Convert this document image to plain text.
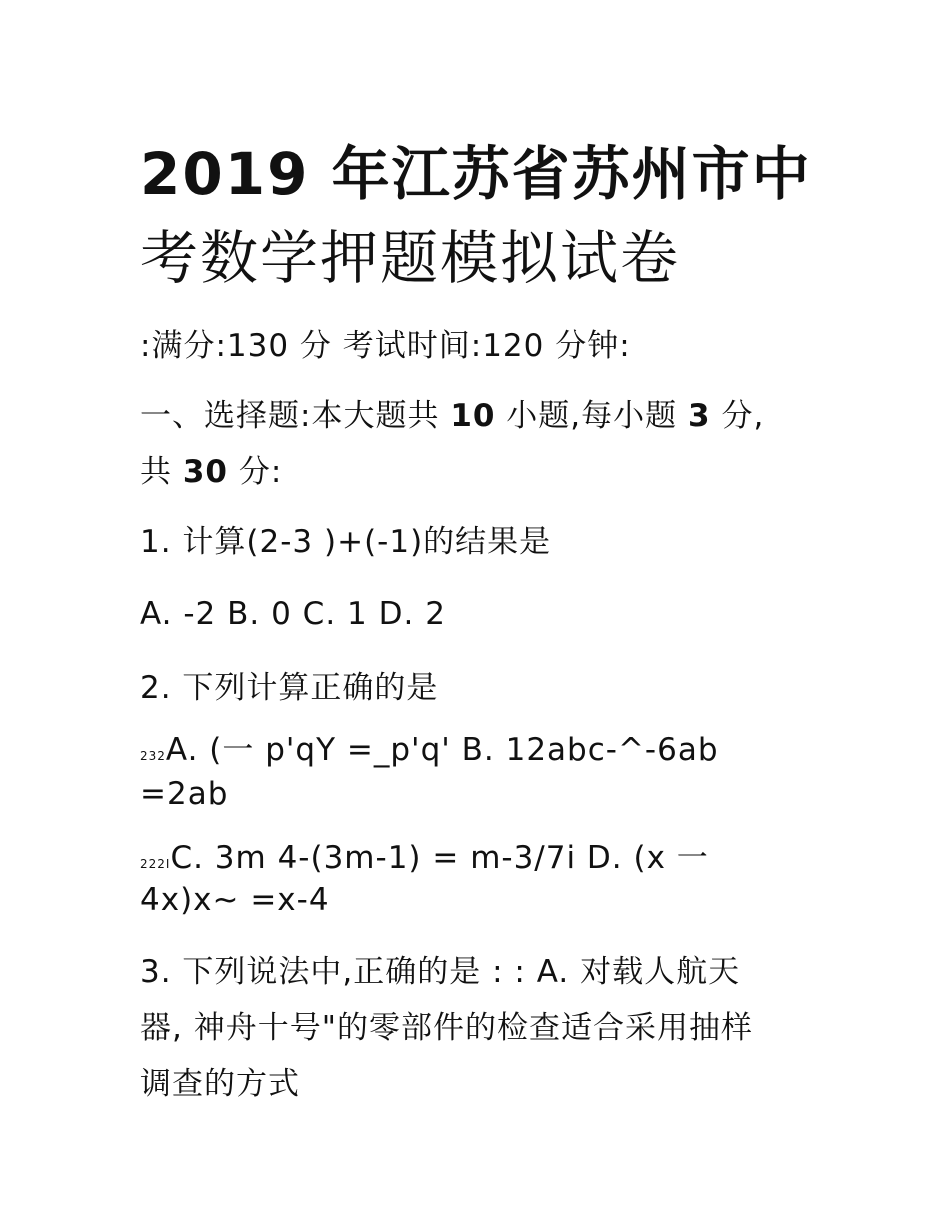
2019 年江苏省苏州市中
考数学押题模拟试卷
:满分:130 分 考试时间:120 分钟:
一、选择题:本大题共 10 小题,每小题 3 分,
共 30 分:
1. 计算(2-3 )+(-1)的结果是
A. -2 B. 0 C. 1 D. 2
2. 下列计算正确的是
232A. (一 p'qY =_p'q' B. 12abc-^-6ab
=2ab
222IC. 3m 4-(3m-1) = m-3/7i D. (x 一
4x)x~ =x-4
3. 下列说法中,正确的是 : : A. 对载人航天
器, 神舟十号"的零部件的检查适合采用抽样
调查的方式
